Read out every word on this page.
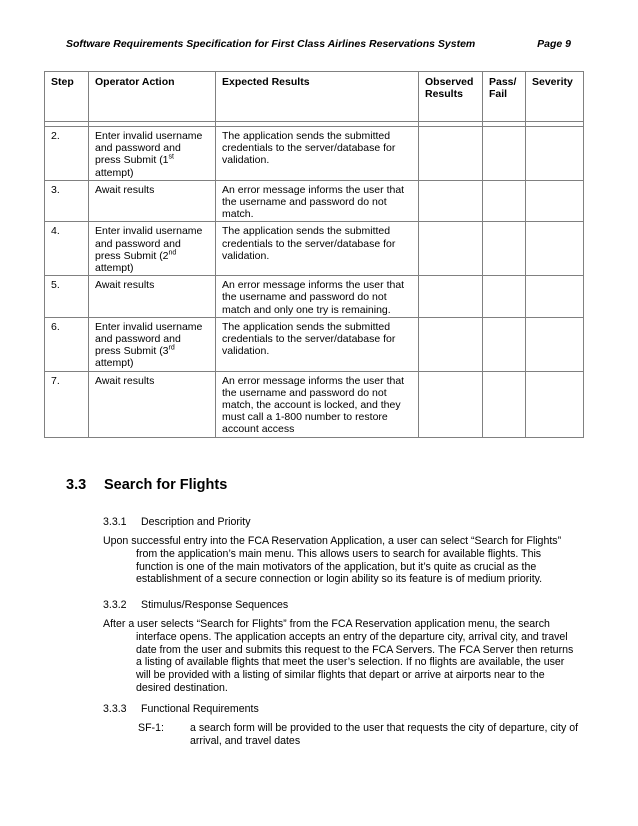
Software Requirements Specification for First Class Airlines Reservations System	Page 9
Step	Operator Action	Expected Results	Observed Results	Pass/ Fail	Severity

2.	Enter invalid username and password and press Submit (1st attempt)	The application sends the submitted credentials to the server/database for validation.			
3.	Await results	An error message informs the user that the username and password do not match.			
4.	Enter invalid username and password and press Submit (2nd attempt)	The application sends the submitted credentials to the server/database for validation.			
5.	Await results	An error message informs the user that the username and password do not match and only one try is remaining.			
6.	Enter invalid username and password and press Submit (3rd attempt)	The application sends the submitted credentials to the server/database for validation.			
7.	Await results	An error message informs the user that the username and password do not match, the account is locked, and they must call a 1-800 number to restore account access			
3.3 Search for Flights
3.3.1 Description and Priority

Upon successful entry into the FCA Reservation Application, a user can select “Search for Flights” from the application’s main menu. This allows users to search for available flights. This function is one of the main motivators of the application, but it’s quite as crucial as the establishment of a secure connection or login ability so its feature is of medium priority.

3.3.2 Stimulus/Response Sequences

After a user selects “Search for Flights” from the FCA Reservation application menu, the search interface opens. The application accepts an entry of the departure city, arrival city, and travel date from the user and submits this request to the FCA Servers. The FCA Server then returns a listing of available flights that meet the user’s selection. If no flights are available, the user will be provided with a listing of similar flights that depart or arrive at airports near to the desired destination.

3.3.3 Functional Requirements
SF-1: a search form will be provided to the user that requests the city of departure, city of arrival, and travel dates
